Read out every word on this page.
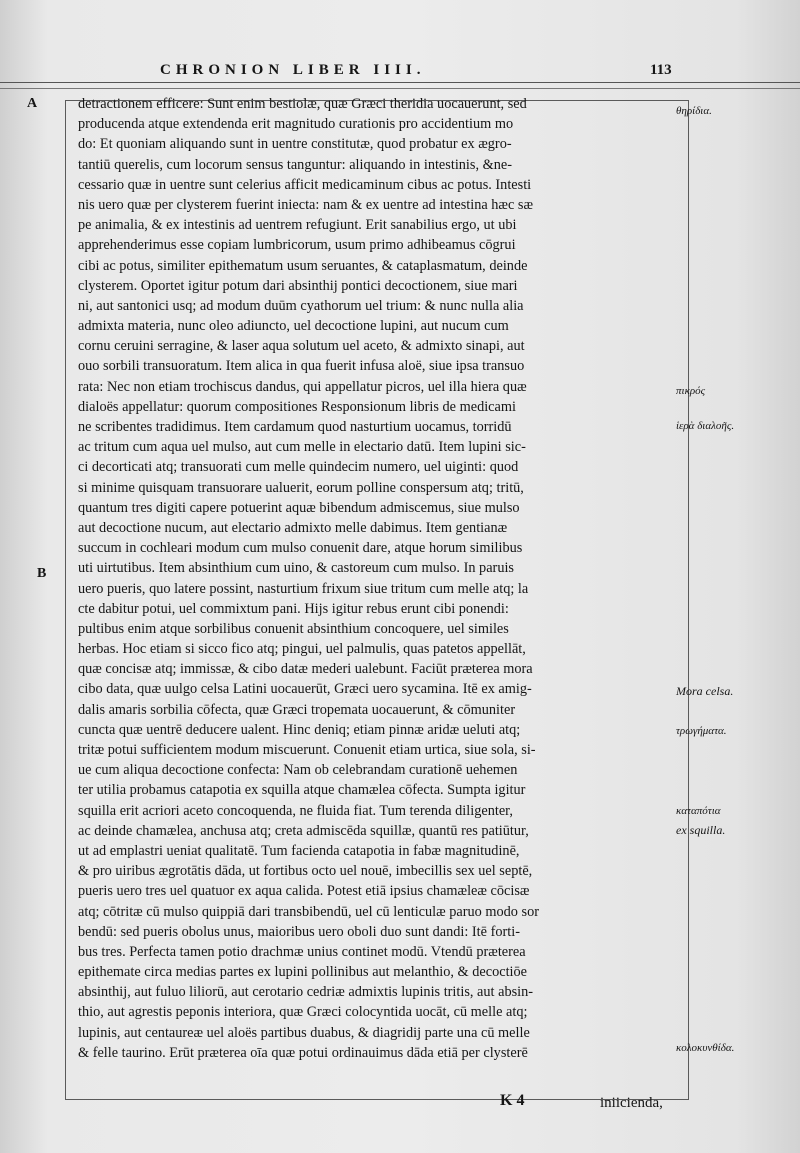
CHRONION LIBER IIII.	113
A
B
detractionem efficere: Sunt enim bestiolæ, quæ Græci theridia uocauerunt, sed
producenda atque extendenda erit magnitudo curationis pro accidentium mo
do: Et quoniam aliquando sunt in uentre constitutæ, quod probatur ex ægro-
tantiū querelis, cum locorum sensus tanguntur: aliquando in intestinis, &ne-
cessario quæ in uentre sunt celerius afficit medicaminum cibus ac potus. Intesti
nis uero quæ per clysterem fuerint iniecta: nam & ex uentre ad intestina hæc sæ
pe animalia, & ex intestinis ad uentrem refugiunt. Erit sanabilius ergo, ut ubi
apprehenderimus esse copiam lumbricorum, usum primo adhibeamus cōgrui
cibi ac potus, similiter epithematum usum seruantes, & cataplasmatum, deinde
clysterem. Oportet igitur potum dari absinthij pontici decoctionem, siue mari
ni, aut santonici usq; ad modum duūm cyathorum uel trium: & nunc nulla alia
admixta materia, nunc oleo adiuncto, uel decoctione lupini, aut nucum cum
cornu ceruini serragine, & laser aqua solutum uel aceto, & admixto sinapi, aut
ouo sorbili transuoratum. Item alica in qua fuerit infusa aloë, siue ipsa transuo
rata: Nec non etiam trochiscus dandus, qui appellatur picros, uel illa hiera quæ
dialoës appellatur: quorum compositiones Responsionum libris de medicami
ne scribentes tradidimus. Item cardamum quod nasturtium uocamus, torridū
ac tritum cum aqua uel mulso, aut cum melle in electario datū. Item lupini sic-
ci decorticati atq; transuorati cum melle quindecim numero, uel uiginti: quod
si minime quisquam transuorare ualuerit, eorum polline conspersum atq; tritū,
quantum tres digiti capere potuerint aquæ bibendum admiscemus, siue mulso
aut decoctione nucum, aut electario admixto melle dabimus. Item gentianæ
succum in cochleari modum cum mulso conuenit dare, atque horum similibus
uti uirtutibus. Item absinthium cum uino, & castoreum cum mulso. In paruis
uero pueris, quo latere possint, nasturtium frixum siue tritum cum melle atq; la
cte dabitur potui, uel commixtum pani. Hijs igitur rebus erunt cibi ponendi:
pultibus enim atque sorbilibus conuenit absinthium concoquere, uel similes
herbas. Hoc etiam si sicco fico atq; pingui, uel palmulis, quas patetos appellāt,
quæ concisæ atq; immissæ, & cibo datæ mederi ualebunt. Faciūt præterea mora
cibo data, quæ uulgo celsa Latini uocauerūt, Græci uero sycamina. Itē ex amig-
dalis amaris sorbilia cōfecta, quæ Græci tropemata uocauerunt, & cōmuniter
cuncta quæ uentrē deducere ualent. Hinc deniq; etiam pinnæ aridæ ueluti atq;
tritæ potui sufficientem modum miscuerunt. Conuenit etiam urtica, siue sola, si-
ue cum aliqua decoctione confecta: Nam ob celebrandam curationē uehemen
ter utilia probamus catapotia ex squilla atque chamælea cōfecta. Sumpta igitur
squilla erit acriori aceto concoquenda, ne fluida fiat. Tum terenda diligenter,
ac deinde chamælea, anchusa atq; creta admiscēda squillæ, quantū res patiūtur,
ut ad emplastri ueniat qualitatē. Tum facienda catapotia in fabæ magnitudinē,
& pro uiribus ægrotātis dāda, ut fortibus octo uel nouē, imbecillis sex uel septē,
pueris uero tres uel quatuor ex aqua calida. Potest etiā ipsius chamæleæ cōcisæ
atq; cōtritæ cū mulso quippiā dari transbibendū, uel cū lenticulæ paruo modo sor
bendū: sed pueris obolus unus, maioribus uero oboli duo sunt dandi: Itē forti-
bus tres. Perfecta tamen potio drachmæ unius continet modū. Vtendū præterea
epithemate circa medias partes ex lupini pollinibus aut melanthio, & decoctiōe
absinthij, aut fuluo liliorū, aut cerotario cedriæ admixtis lupinis tritis, aut absin-
thio, aut agrestis peponis interiora, quæ Græci colocyntida uocāt, cū melle atq;
lupinis, aut centaureæ uel aloës partibus duabus, & diagridij parte una cū melle
& felle taurino. Erūt præterea oīa quæ potui ordinauimus dāda etiā per clysterē
θηρίδια.
πικρός
ἱερὰ διαλοῆς.
Mora celsa.
τρωγήματα.
καταπότια
ex squilla.
κολοκυνθίδα.
K 4	iniicienda,
